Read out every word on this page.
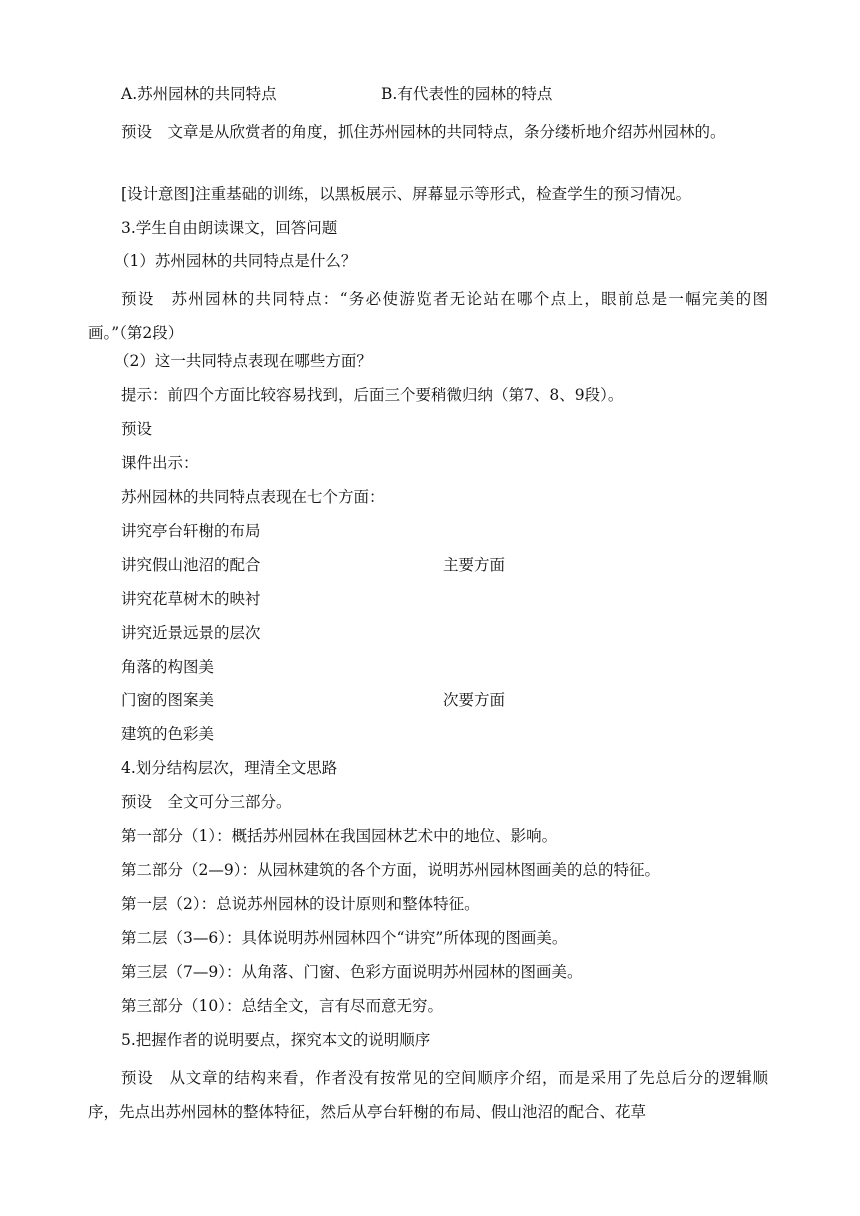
A.苏州园林的共同特点	B.有代表性的园林的特点
预设　文章是从欣赏者的角度，抓住苏州园林的共同特点，条分缕析地介绍苏州园林的。
[设计意图]注重基础的训练，以黑板展示、屏幕显示等形式，检查学生的预习情况。
3.学生自由朗读课文，回答问题
（1）苏州园林的共同特点是什么？
预设　苏州园林的共同特点：“务必使游览者无论站在哪个点上，眼前总是一幅完美的图画。”（第2段）
（2）这一共同特点表现在哪些方面？
提示：前四个方面比较容易找到，后面三个要稍微归纳（第7、8、9段）。
预设
课件出示：
苏州园林的共同特点表现在七个方面：
讲究亭台轩榭的布局
讲究假山池沼的配合	主要方面
讲究花草树木的映衬
讲究近景远景的层次
角落的构图美
门窗的图案美	次要方面
建筑的色彩美
4.划分结构层次，理清全文思路
预设　全文可分三部分。
第一部分（1）：概括苏州园林在我国园林艺术中的地位、影响。
第二部分（2—9）：从园林建筑的各个方面，说明苏州园林图画美的总的特征。
第一层（2）：总说苏州园林的设计原则和整体特征。
第二层（3—6）：具体说明苏州园林四个“讲究”所体现的图画美。
第三层（7—9）：从角落、门窗、色彩方面说明苏州园林的图画美。
第三部分（10）：总结全文，言有尽而意无穷。
5.把握作者的说明要点，探究本文的说明顺序
预设　从文章的结构来看，作者没有按常见的空间顺序介绍，而是采用了先总后分的逻辑顺序，先点出苏州园林的整体特征，然后从亭台轩榭的布局、假山池沼的配合、花草
